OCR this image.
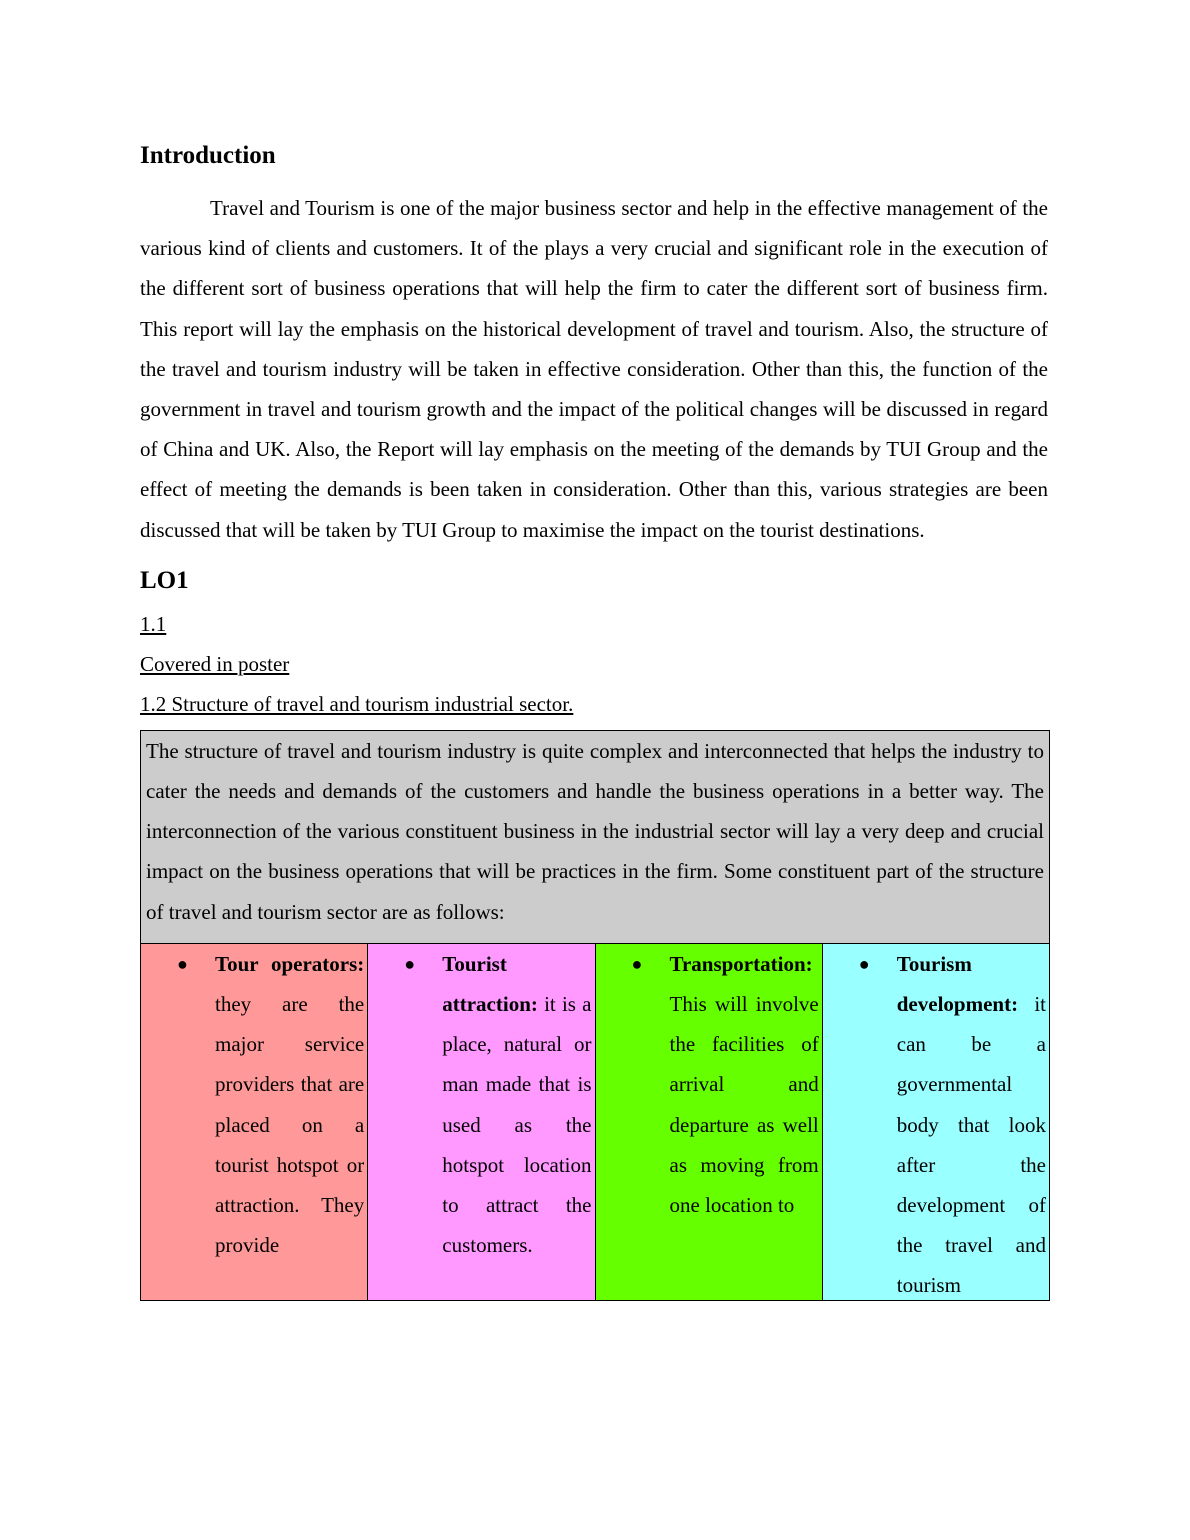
Introduction

Travel and Tourism is one of the major business sector and help in the effective management of the various kind of clients and customers. It of the plays a very crucial and significant role in the execution of the different sort of business operations that will help the firm to cater the different sort of business firm. This report will lay the emphasis on the historical development of travel and tourism. Also, the structure of the travel and tourism industry will be taken in effective consideration. Other than this, the function of the government in travel and tourism growth and the impact of the political changes will be discussed in regard of China and UK. Also, the Report will lay emphasis on the meeting of the demands by TUI Group and the effect of meeting the demands is been taken in consideration. Other than this, various strategies are been discussed that will be taken by TUI Group to maximise the impact on the tourist destinations.

LO1

1.1

Covered in poster

1.2 Structure of travel and tourism industrial sector.

The structure of travel and tourism industry is quite complex and interconnected that helps the industry to cater the needs and demands of the customers and handle the business operations in a better way. The interconnection of the various constituent business in the industrial sector will lay a very deep and crucial impact on the business operations that will be practices in the firm. Some constituent part of the structure of travel and tourism sector are as follows:

● Tour operators: they are the major service providers that are placed on a tourist hotspot or attraction. They provide

● Tourist attraction: it is a place, natural or man made that is used as the hotspot location to attract the customers.

● Transportation: This will involve the facilities of arrival and departure as well as moving from one location to

● Tourism development: it can be a governmental body that look after the development of the travel and tourism
